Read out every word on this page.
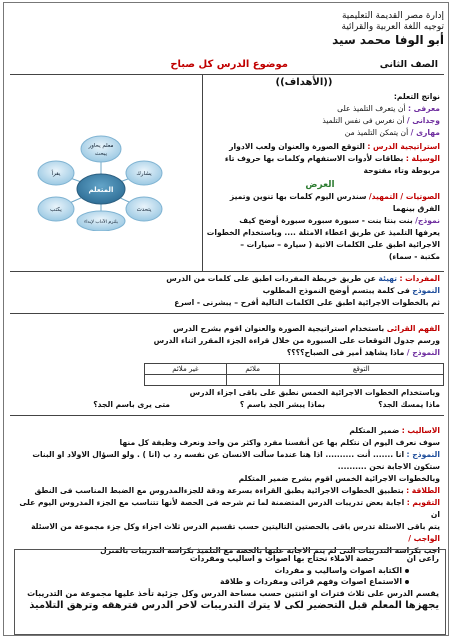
إدارة مصر القديمة التعليمية
توجيه اللغة العربية والقرائية
أبو الوفا محمد سيد
الصف الثانى
موضوع الدرس كل صباح
((الأهداف))
نواتج التعلم:
معرفى : أن يتعرف التلميذ على
وجدانى / أن نغرس فى نفس التلميذ
مهارى / أن يتمكن التلميذ من
معلم يحاور
يبحث
يشارك
يتحدث
يكتب
يلتزم الآداب لإبداء
يقرأ
المتعلم
استراتيجية الدرس : التوقع الصورة والعنوان ولعب الادوار
الوسيلة : بطاقات لأدوات الاستفهام وكلمات بها حروف تاء
مربوطة وتاء مفتوحة
العرض
الصوتيات / التمهيد/ سندرس اليوم كلمات بها تنوين وتميز
الفرق بينهما
نموذج/ بنت بنتا بنت - سبورة سبورة سبورة أوضح كيف
يعرفها التلميذ عن طريق اعطاء الامثلة .... وباستخدام الخطوات
الاجرائية اطبق على الكلمات الاتية ( سيارة – سيارات –
مكتبة - سماء)
المفردات : تهيئة عن طريق خريطة المفردات اطبق على كلمات من الدرس
النموذج فى كلمة يبتسم أوضح النموذج المطلوب
ثم بالخطوات الاجرائية اطبق على الكلمات التالية أفرح – يبشرنى - اسرع
الفهم القرائى باستخدام استراتيجية الصورة والعنوان اقوم بشرح الدرس
ورسم جدول التوقعات على السبورة من خلال قراءة الجزء المقرر اثناء الدرس
النموذج / ماذا يشاهد أمير فى الصباح؟؟؟؟
التوقع	ملائم	غير ملائم

وباستخدام الخطوات الاجرائية الخمس نطبق على باقى اجزاء الدرس
ماذا يمسك الجد؟
بماذا يبشر الجد باسم ؟
متى يرى باسم الجد؟
الاساليب : ضمير المتكلم
سوف نعرف اليوم ان نتكلم بها عن أنفسنا مفرد واكثر من واحد ونعرف وظيفة كل منها
النموذج : انا ....... أنت .......... اذا هنا عندما سألت الانسان عن نفسه رد ب (انا ) . ولو السؤال الاولاد او البنات
ستكون الاجابة نحن ..........
وبالخطوات الاجرائية الخمس اقوم بشرح ضمير المتكلم
الطلاقة : بتطبيق الخطوات الاجرائية يطبق القراءة بسرعة ودقة للجزءالمدروس مع الضبط المناسب فى النطق
التقويم : اجابة بعض تدريبات الدرس المتضمنة لما تم شرحه فى الحصة لأنها تتناسب مع الجزء المدروس اليوم على ان
يتم باقى الاسئلة تدرس باقى بالحصتين التاليتين حسب تقسيم الدرس ثلاث اجزاء وكل جزء مجموعة من الاسئلة
الواجب /
اجب بكراسة التدريبات التى لم يتم الاجابة عليها بالحصة مع التلميذ بكراسة التدريبات بالمنزل
راعى ان حصة الاملاء نحتاج بها اصوات و اساليب ومفردات
الكتابة اصوات واساليب و مفردات
الاستماع اصوات وفهم قرائى ومفردات و طلاقة
يقسم الدرس على ثلاث فترات او اثنتين حسب مساحة الدرس وكل جزئية تأخذ عليها مجموعة من التدريبات
يجهزها المعلم قبل التحضير لكى لا يترك التدريبات لاخر الدرس فترهقه وترهق التلاميذ
